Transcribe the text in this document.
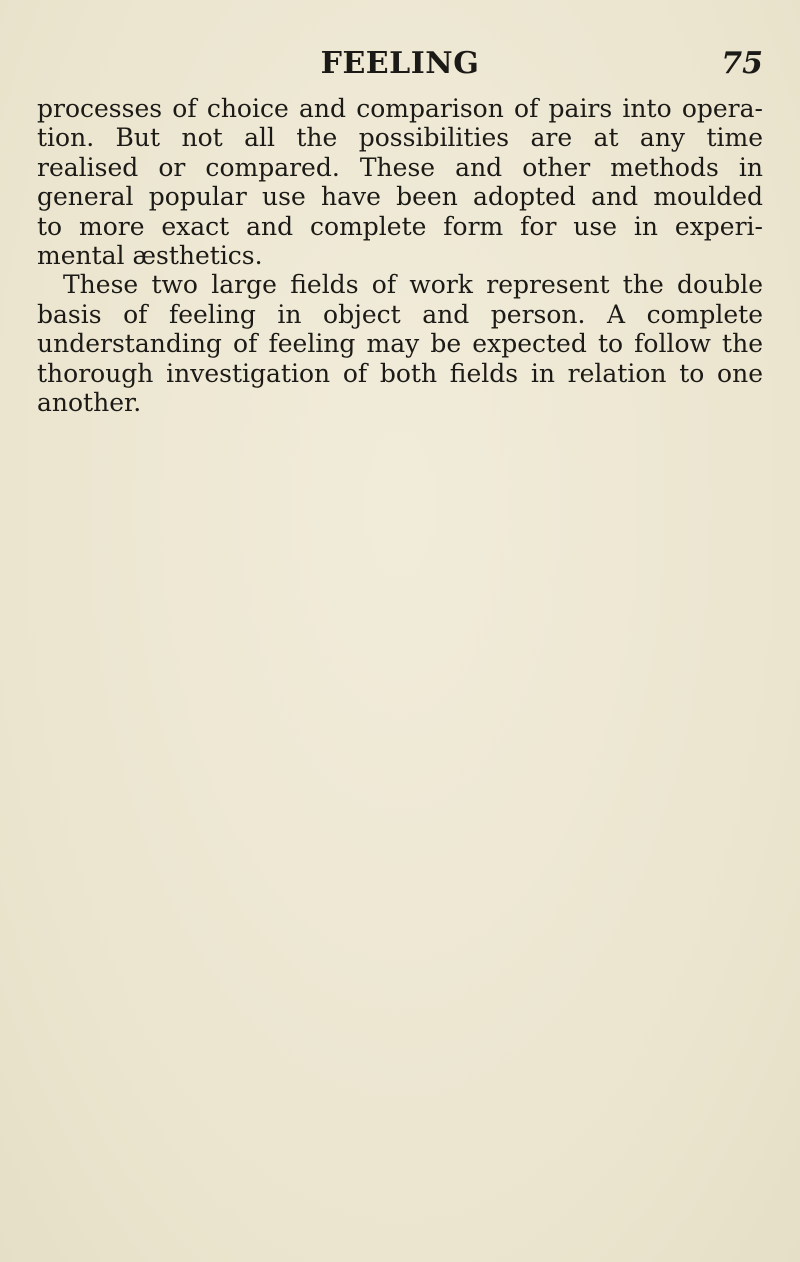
FEELING	75
processes of choice and comparison of pairs into opera-
tion. But not all the possibilities are at any time
realised or compared. These and other methods in
general popular use have been adopted and moulded
to more exact and complete form for use in experi-
mental æsthetics.
These two large fields of work represent the double
basis of feeling in object and person. A complete
understanding of feeling may be expected to follow the
thorough investigation of both fields in relation to one
another.
